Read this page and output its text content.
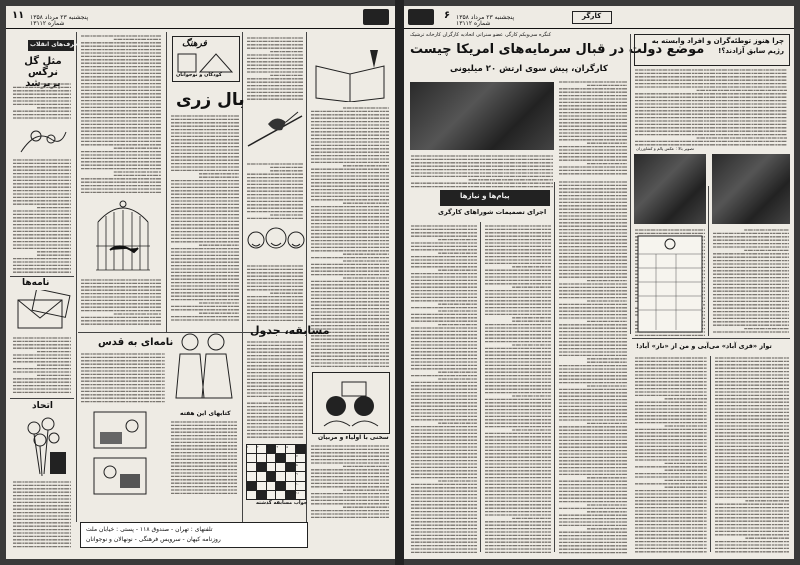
۱۱ پنجشنبه ۲۳ مرداد ۱۳۵۸
شماره ۱۳۱۱۲
حرف‌های انقلاب
مثل گل نرگس پربرشد
نامه‌ها
اتحاد
فرهنگ
کودکان و نوجوانان
بال زری
نامه‌ای به قدس
مسابقه، جدول
کتابهای این هفته
۱	۲	۳	۴	۵	۶
۷
۸
۹
۱۰
۱۱
سخنی با اولیاء و مربیان
جواب مسابقه گذشته
تلفنهای : تهران - صندوق ۱۱۸ - پستی : خیابان ملت
روزنامه کیهان - سرویس فرهنگی - نونهالان و نوجوانان
۶ پنجشنبه ۲۳ مرداد ۱۳۵۸
شماره ۱۳۱۱۲
کارگر
کنگره سی‌ویکم کارگر، عضو سنراتی اتحادیه کارگران کارخانه ترشیک
موضع دولت در قبال سرمایه‌های امریکا چیست
کارگران، پیش سوی ارتش ۲۰ میلیونی
پیام‌ها و نیازها
اجرای تصمیمات شوراهای کارگری
چرا هنوز توطئه‌گران و افراد وابسته به رژیم سابق آزادند؟!
تصویر بالا : عکس پالم و کشاورزان
تواز «قزی آباد» می‌آیی و من از «ناز» آباد!
